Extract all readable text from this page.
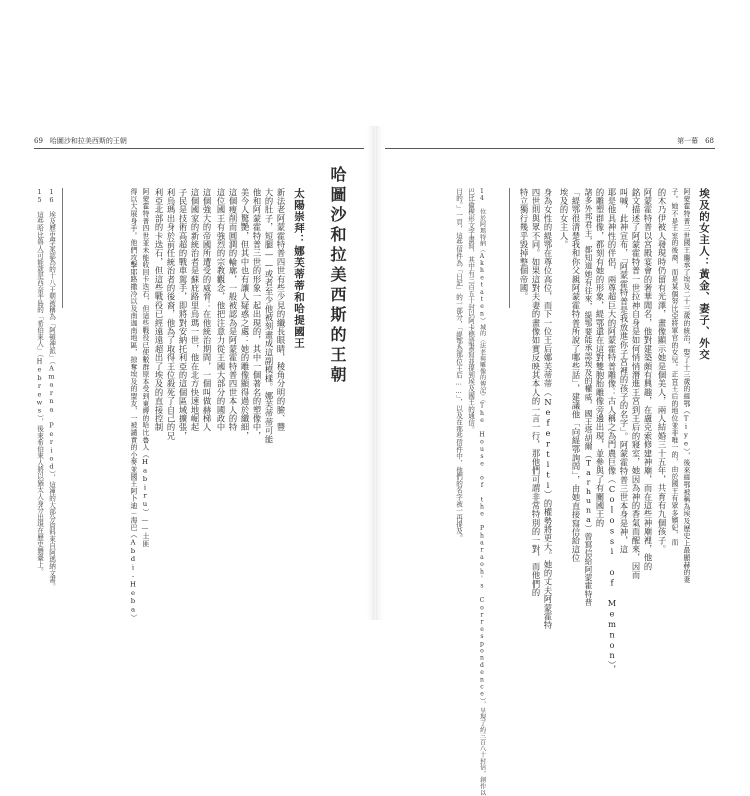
69　哈圖沙和拉美西斯的王朝
哈圖沙和拉美西斯的王朝
太陽崇拜：娜芙蒂蒂和哈提國王
新法老阿蒙霍特普四世有些少見的纖長眼睛，稜角分明的臉、豐
大的肚子，短腿——或者至少他被刻畫成這副模樣。娜芙蒂蒂可能
他和阿蒙霍特普三世的形象一起出現的，其中一個著名的塑像中，
美今人驚艷，但其中也有讓人疑惑之處：她的雕像顯得過於纖細，
這個瘦削而圓潤的輪廓，一般被認為是阿蒙霍特普四世本人的特
這位國王有強烈的宗教觀念，他把注意力從王國大部分的國政中
這個強大的帝國所遭受的威脅：在他統治期間，一個叫做赫梯人
這個國家的新統治者是蘇庇路里烏瑪一世，他在北方快速地崛起
子民是技術高超的戰車駕手，即將對安納托利亞的這個區域擴張，
利烏瑪出身於前任統治者的後裔，他為了取得王位殺死了自己的兄
利亞北部的卡迭石，但這些戰役已經遠遠超出了埃及的直接控制
阿蒙霍特普四世並未能收回卡迭石，但這些戰役已使數群原本受到東縛的哈比魯人（Habiru）——土匪
得以大展身手。他們攻擊耶路撒冷以及南迦南地區，掠奪埃及的盟友，一被譴責的小麥並國王阿卜迪－海巴（Abdi-Heba）
15　這些哈比魯人可能就是西奈半島的「希伯來人」（Hebrews），後來希伯來人將以猶太人身分出現在歷史舞臺上。 16　埃及歷史學家認為的十八王朝被稱為「阿頓神派」（Amarna Period），這裡的大部分資料來自阿瑪納文書。
第一幕　68
埃及的女主人：黃金、妻子、外交
阿蒙霍特普三世國王繼承了埃及二十三歲的統治，娶了十三歲的緹鄂（Tiye），後來緹鄂被稱為埃及歷史上最顯赫的妻
子。她不是王室的後裔，而是某個努比亞將軍官的女兒。正宮王后的地位並非唯一的，由於國王有眾多嬪妃，而
的木乃伊被人發現時仍留有光澤，畫像顯示她是個美人，兩人結婚三十五年，共育有九個孩子。
阿蒙霍特普以宮殿宴會的奢華聞名，他對建築頗有興趣，在盧克索修建神廟，而在這些神廟裡，他的
銘文描述了阿蒙霍特普一世拉神自身是如何悄悄潛進王宮到王后的寢室，她因為神的香氣而醒來，因而
叫喊，此神宣布，「阿蒙霍特普是我放進你子宮裡的孩子的名字」。阿蒙霍特普三世本身是神，這
耶是他具神性的伴侶，兩尊超巨大的阿蒙霍特普雕像：古人稱之為門農巨像（Colossi of Memnon），
的雕塑群像，都刻有她的形象，緹鄂還在這對雙胞胎雕像旁邊出現，並參與了有關國王的
諸多外邦君主，都知道她有往來，緹鄂要能承認埃及的權威，國王塔胡爾（Tarhuna）曾寫信給阿蒙霍特普
「緹鄂很清楚我和你父親阿蒙霍特普所說了哪些話」，建議他「向緹鄂詢問」，由她直接寫信給這位
埃及的女主人。
身為女性的緹鄂在尊位高位，而下一位王后娜芙蒂蒂（Nefertiti）的權勢將更大。她的丈夫阿蒙霍特
四世則與眾不同。如果這對夫妻的畫像如實反映其本人的一言一行，那他們可謂非常特別的一對，而他們的
特立獨行幾乎毀掉整個帝國。
14　位於阿瑪特納（Akhetaten）城的〈法老與雕像的傳記〉（The House of the Pharaoh's Correspondence），呈現了約三百八十封信，創作以
巴比倫楔形文字書寫，其中有三百五十封以阿卡德語書寫並提到埃及國王的通信。
目的。」一頁，這些信件為「日記」的一部分，「緹鄂為那位王后……」，以及在那些信件中，他們的名字被一再提及。
